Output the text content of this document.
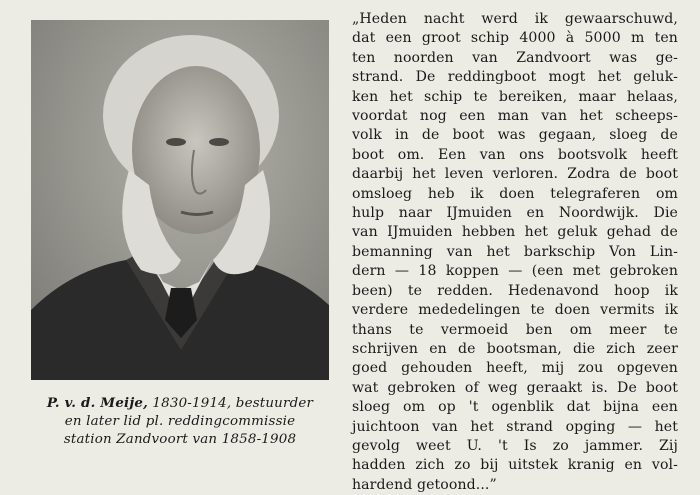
P. v. d. Meije, 1830-1914, bestuurder
en later lid pl. reddingcommissie
station Zandvoort van 1858-1908
„Heden nacht werd ik gewaarschuwd,
dat een groot schip 4000 à 5000 m ten
ten noorden van Zandvoort was ge-
strand. De reddingboot mogt het geluk-
ken het schip te bereiken, maar helaas,
voordat nog een man van het scheeps-
volk in de boot was gegaan, sloeg de
boot om. Een van ons bootsvolk heeft
daarbij het leven verloren. Zodra de boot
omsloeg heb ik doen telegraferen om
hulp naar IJmuiden en Noordwijk. Die
van IJmuiden hebben het geluk gehad de
bemanning van het barkschip Von Lin-
dern — 18 koppen — (een met gebroken
been) te redden. Hedenavond hoop ik
verdere mededelingen te doen vermits ik
thans te vermoeid ben om meer te
schrijven en de bootsman, die zich zeer
goed gehouden heeft, mij zou opgeven
wat gebroken of weg geraakt is. De boot
sloeg om op 't ogenblik dat bijna een
juichtoon van het strand opging — het
gevolg weet U. 't Is zo jammer. Zij
hadden zich zo bij uitstek kranig en vol-
hardend getoond...”
